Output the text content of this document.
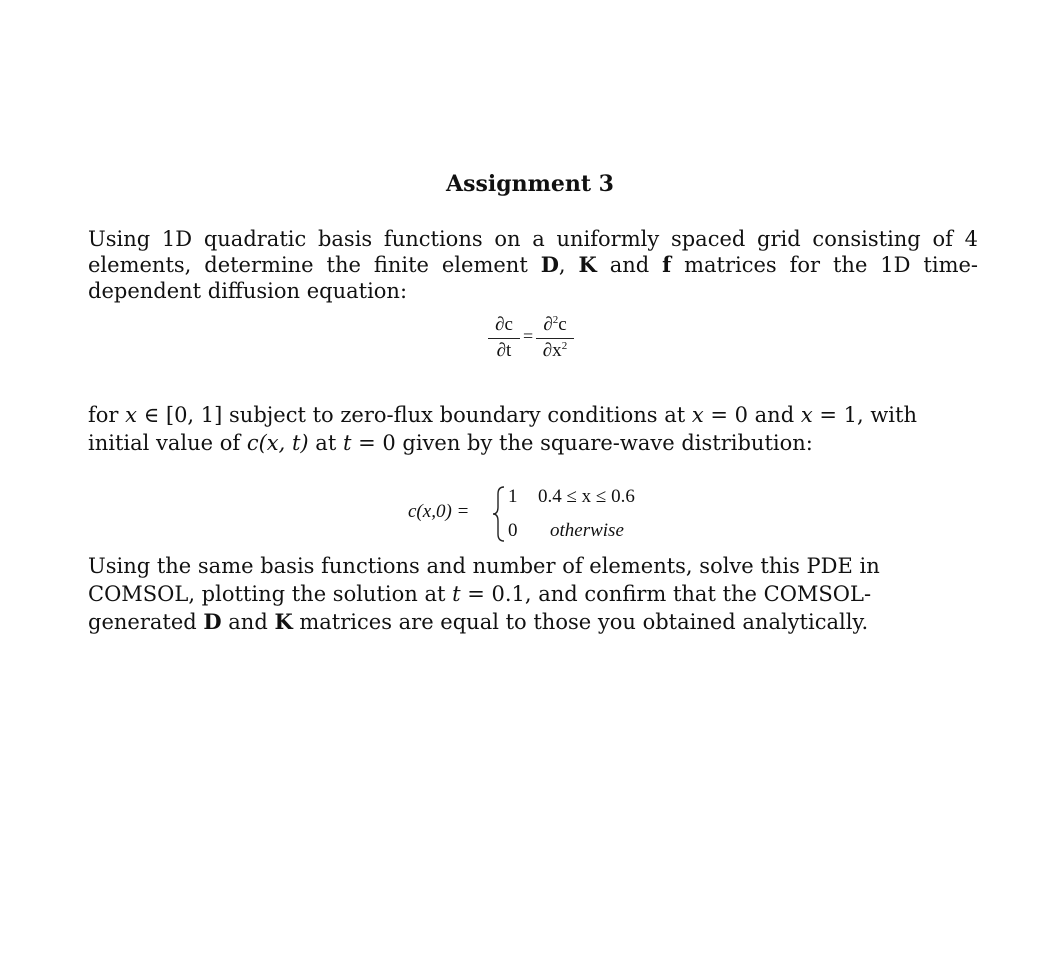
Assignment 3

Using 1D quadratic basis functions on a uniformly spaced grid consisting of 4 elements, determine the finite element D, K and f matrices for the 1D time-dependent diffusion equation:

∂c
∂t
=
∂$^2$c
$\partial x^2$

for x ∈ [0, 1] subject to zero-flux boundary conditions at x = 0 and x = 1, with initial value of c(x, t) at t = 0 given by the square-wave distribution:

c(x,0) =
1 0.4 ≤ x ≤ 0.6
0 otherwise

Using the same basis functions and number of elements, solve this PDE in COMSOL, plotting the solution at t = 0.1, and confirm that the COMSOL-generated D and K matrices are equal to those you obtained analytically.
